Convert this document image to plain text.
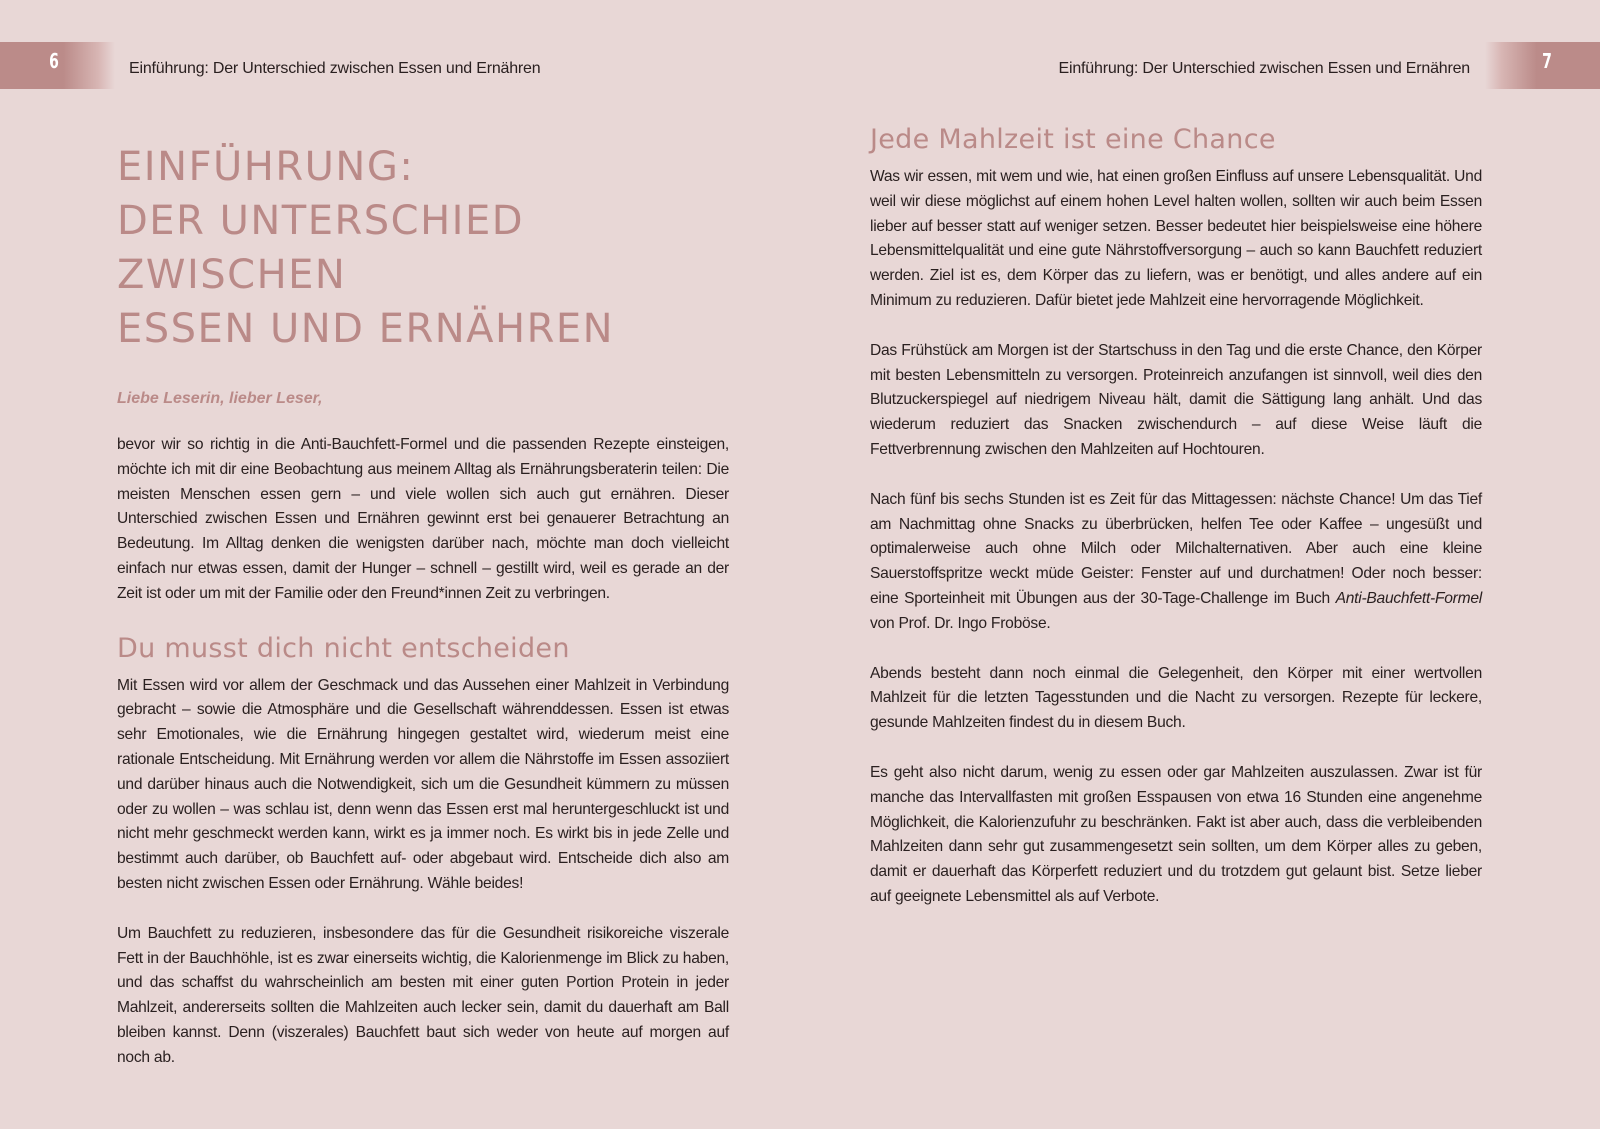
6	Einführung: Der Unterschied zwischen Essen und Ernähren
EINFÜHRUNG:
DER UNTERSCHIED ZWISCHEN
ESSEN UND ERNÄHREN
Liebe Leserin, lieber Leser,

bevor wir so richtig in die Anti-Bauchfett-Formel und die passenden Rezepte einsteigen, möchte ich mit dir eine Beobachtung aus meinem Alltag als Ernährungsberaterin teilen: Die meisten Menschen essen gern – und viele wollen sich auch gut ernähren. Dieser Unterschied zwischen Essen und Ernähren gewinnt erst bei genauerer Betrachtung an Bedeutung. Im Alltag denken die wenigsten darüber nach, möchte man doch vielleicht einfach nur etwas essen, damit der Hunger – schnell – gestillt wird, weil es gerade an der Zeit ist oder um mit der Familie oder den Freund*innen Zeit zu verbringen.

Du musst dich nicht entscheiden

Mit Essen wird vor allem der Geschmack und das Aussehen einer Mahlzeit in Verbindung gebracht – sowie die Atmosphäre und die Gesellschaft währenddessen. Essen ist etwas sehr Emotionales, wie die Ernährung hingegen gestaltet wird, wiederum meist eine rationale Entscheidung. Mit Ernährung werden vor allem die Nährstoffe im Essen assoziiert und darüber hinaus auch die Notwendigkeit, sich um die Gesundheit kümmern zu müssen oder zu wollen – was schlau ist, denn wenn das Essen erst mal heruntergeschluckt ist und nicht mehr geschmeckt werden kann, wirkt es ja immer noch. Es wirkt bis in jede Zelle und bestimmt auch darüber, ob Bauchfett auf- oder abgebaut wird. Entscheide dich also am besten nicht zwischen Essen oder Ernährung. Wähle beides!

Um Bauchfett zu reduzieren, insbesondere das für die Gesundheit risikoreiche viszerale Fett in der Bauchhöhle, ist es zwar einerseits wichtig, die Kalorienmenge im Blick zu haben, und das schaffst du wahrscheinlich am besten mit einer guten Portion Protein in jeder Mahlzeit, andererseits sollten die Mahlzeiten auch lecker sein, damit du dauerhaft am Ball bleiben kannst. Denn (viszerales) Bauchfett baut sich weder von heute auf morgen auf noch ab.

7
Einführung: Der Unterschied zwischen Essen und Ernähren
Jede Mahlzeit ist eine Chance

Was wir essen, mit wem und wie, hat einen großen Einfluss auf unsere Lebensqualität. Und weil wir diese möglichst auf einem hohen Level halten wollen, sollten wir auch beim Essen lieber auf besser statt auf weniger setzen. Besser bedeutet hier beispielsweise eine höhere Lebensmittelqualität und eine gute Nährstoffversorgung – auch so kann Bauchfett reduziert werden. Ziel ist es, dem Körper das zu liefern, was er benötigt, und alles andere auf ein Minimum zu reduzieren. Dafür bietet jede Mahlzeit eine hervorragende Möglichkeit.

Das Frühstück am Morgen ist der Startschuss in den Tag und die erste Chance, den Körper mit besten Lebensmitteln zu versorgen. Proteinreich anzufangen ist sinnvoll, weil dies den Blutzuckerspiegel auf niedrigem Niveau hält, damit die Sättigung lang anhält. Und das wiederum reduziert das Snacken zwischendurch – auf diese Weise läuft die Fettverbrennung zwischen den Mahlzeiten auf Hochtouren.

Nach fünf bis sechs Stunden ist es Zeit für das Mittagessen: nächste Chance! Um das Tief am Nachmittag ohne Snacks zu überbrücken, helfen Tee oder Kaffee – ungesüßt und optimalerweise auch ohne Milch oder Milchalternativen. Aber auch eine kleine Sauerstoffspritze weckt müde Geister: Fenster auf und durchatmen! Oder noch besser: eine Sporteinheit mit Übungen aus der 30-Tage-Challenge im Buch Anti-Bauchfett-Formel von Prof. Dr. Ingo Froböse.

Abends besteht dann noch einmal die Gelegenheit, den Körper mit einer wertvollen Mahlzeit für die letzten Tagesstunden und die Nacht zu versorgen. Rezepte für leckere, gesunde Mahlzeiten findest du in diesem Buch.

Es geht also nicht darum, wenig zu essen oder gar Mahlzeiten auszulassen. Zwar ist für manche das Intervallfasten mit großen Esspausen von etwa 16 Stunden eine angenehme Möglichkeit, die Kalorienzufuhr zu beschränken. Fakt ist aber auch, dass die verbleibenden Mahlzeiten dann sehr gut zusammengesetzt sein sollten, um dem Körper alles zu geben, damit er dauerhaft das Körperfett reduziert und du trotzdem gut gelaunt bist. Setze lieber auf geeignete Lebensmittel als auf Verbote.
